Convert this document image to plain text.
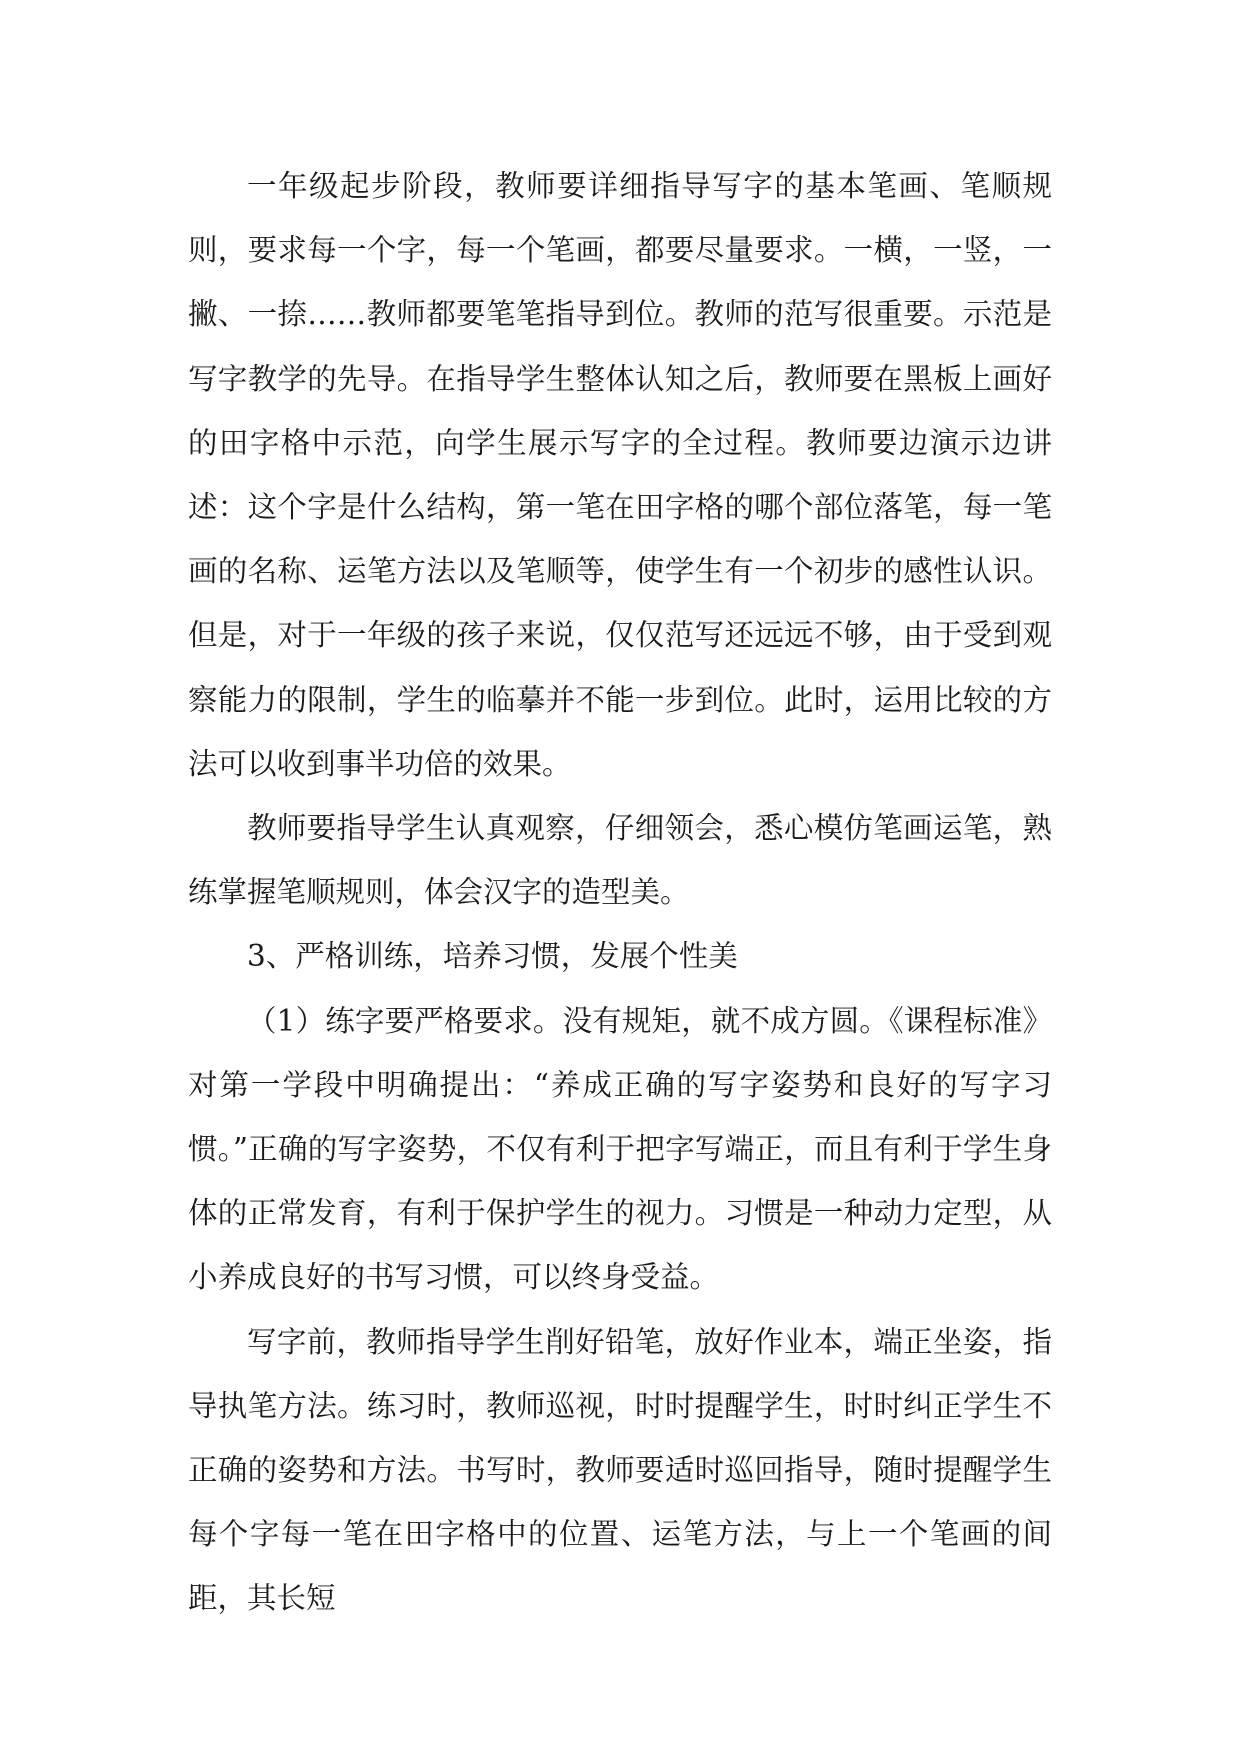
一年级起步阶段，教师要详细指导写字的基本笔画、笔顺规则，要求每一个字，每一个笔画，都要尽量要求。一横，一竖，一撇、一捺……教师都要笔笔指导到位。教师的范写很重要。示范是写字教学的先导。在指导学生整体认知之后，教师要在黑板上画好的田字格中示范，向学生展示写字的全过程。教师要边演示边讲述：这个字是什么结构，第一笔在田字格的哪个部位落笔，每一笔画的名称、运笔方法以及笔顺等，使学生有一个初步的感性认识。但是，对于一年级的孩子来说，仅仅范写还远远不够，由于受到观察能力的限制，学生的临摹并不能一步到位。此时，运用比较的方法可以收到事半功倍的效果。

教师要指导学生认真观察，仔细领会，悉心模仿笔画运笔，熟练掌握笔顺规则，体会汉字的造型美。

3、严格训练，培养习惯，发展个性美

（1）练字要严格要求。没有规矩，就不成方圆。《课程标准》对第一学段中明确提出：“养成正确的写字姿势和良好的写字习惯。”正确的写字姿势，不仅有利于把字写端正，而且有利于学生身体的正常发育，有利于保护学生的视力。习惯是一种动力定型，从小养成良好的书写习惯，可以终身受益。

写字前，教师指导学生削好铅笔，放好作业本，端正坐姿，指导执笔方法。练习时，教师巡视，时时提醒学生，时时纠正学生不正确的姿势和方法。书写时，教师要适时巡回指导，随时提醒学生每个字每一笔在田字格中的位置、运笔方法，与上一个笔画的间距，其长短
